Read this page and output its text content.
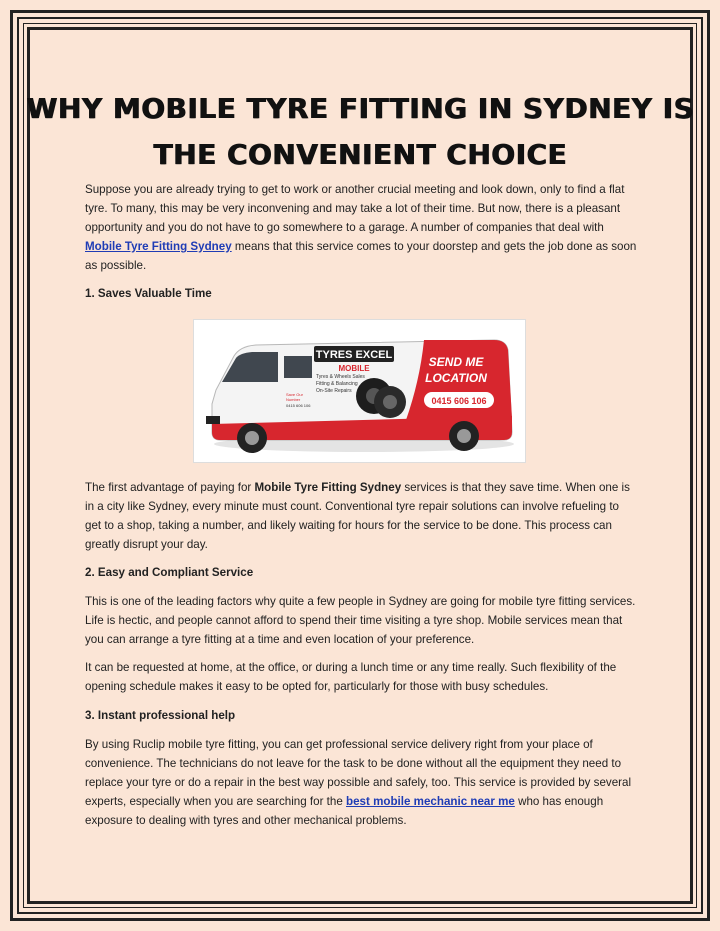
WHY MOBILE TYRE FITTING IN SYDNEY IS
THE CONVENIENT CHOICE

Suppose you are already trying to get to work or another crucial meeting and look down, only to find a flat tyre. To many, this may be very inconvening and may take a lot of their time. But now, there is a pleasant opportunity and you do not have to go somewhere to a garage. A number of companies that deal with Mobile Tyre Fitting Sydney means that this service comes to your doorstep and gets the job done as soon as possible.

1. Saves Valuable Time
TYRES EXCEL
MOBILE
Tyres & Wheels Sales
Fitting & Balancing
On-Site Repairs
SEND ME
LOCATION
0415 606 106
Save Our
Number
0415 606 106

The first advantage of paying for Mobile Tyre Fitting Sydney services is that they save time. When one is in a city like Sydney, every minute must count. Conventional tyre repair solutions can involve refueling to get to a shop, taking a number, and likely waiting for hours for the service to be done. This process can greatly disrupt your day.

2. Easy and Compliant Service

This is one of the leading factors why quite a few people in Sydney are going for mobile tyre fitting services. Life is hectic, and people cannot afford to spend their time visiting a tyre shop. Mobile services mean that you can arrange a tyre fitting at a time and even location of your preference.

It can be requested at home, at the office, or during a lunch time or any time really. Such flexibility of the opening schedule makes it easy to be opted for, particularly for those with busy schedules.

3. Instant professional help

By using Ruclip mobile tyre fitting, you can get professional service delivery right from your place of convenience. The technicians do not leave for the task to be done without all the equipment they need to replace your tyre or do a repair in the best way possible and safely, too. This service is provided by several experts, especially when you are searching for the best mobile mechanic near me who has enough exposure to dealing with tyres and other mechanical problems.
